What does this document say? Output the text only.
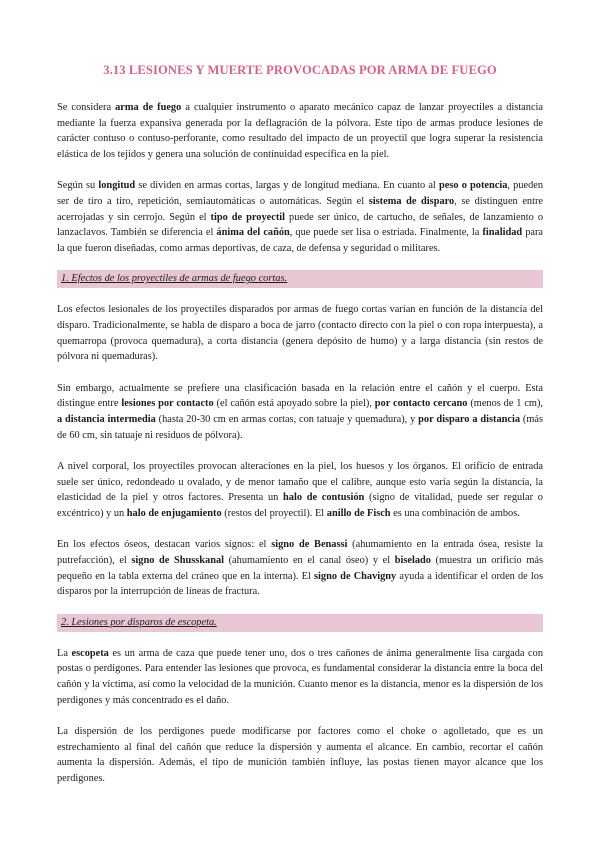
3.13 LESIONES Y MUERTE PROVOCADAS POR ARMA DE FUEGO

Se considera arma de fuego a cualquier instrumento o aparato mecánico capaz de lanzar proyectiles a distancia mediante la fuerza expansiva generada por la deflagración de la pólvora. Este tipo de armas produce lesiones de carácter contuso o contuso-perforante, como resultado del impacto de un proyectil que logra superar la resistencia elástica de los tejidos y genera una solución de continuidad específica en la piel.

Según su longitud se dividen en armas cortas, largas y de longitud mediana. En cuanto al peso o potencia, pueden ser de tiro a tiro, repetición, semiautomáticas o automáticas. Según el sistema de disparo, se distinguen entre acerrojadas y sin cerrojo. Según el tipo de proyectil puede ser único, de cartucho, de señales, de lanzamiento o lanzaclavos. También se diferencia el ánima del cañón, que puede ser lisa o estriada. Finalmente, la finalidad para la que fueron diseñadas, como armas deportivas, de caza, de defensa y seguridad o militares.

1. Efectos de los proyectiles de armas de fuego cortas.

Los efectos lesionales de los proyectiles disparados por armas de fuego cortas varían en función de la distancia del disparo. Tradicionalmente, se habla de disparo a boca de jarro (contacto directo con la piel o con ropa interpuesta), a quemarropa (provoca quemadura), a corta distancia (genera depósito de humo) y a larga distancia (sin restos de pólvora ni quemaduras).

Sin embargo, actualmente se prefiere una clasificación basada en la relación entre el cañón y el cuerpo. Esta distingue entre lesiones por contacto (el cañón está apoyado sobre la piel), por contacto cercano (menos de 1 cm), a distancia intermedia (hasta 20-30 cm en armas cortas, con tatuaje y quemadura), y por disparo a distancia (más de 60 cm, sin tatuaje ni residuos de pólvora).

A nivel corporal, los proyectiles provocan alteraciones en la piel, los huesos y los órganos. El orificio de entrada suele ser único, redondeado u ovalado, y de menor tamaño que el calibre, aunque esto varía según la distancia, la elasticidad de la piel y otros factores. Presenta un halo de contusión (signo de vitalidad, puede ser regular o excéntrico) y un halo de enjugamiento (restos del proyectil). El anillo de Fisch es una combinación de ambos.

En los efectos óseos, destacan varios signos: el signo de Benassi (ahumamiento en la entrada ósea, resiste la putrefacción), el signo de Shusskanal (ahumamiento en el canal óseo) y el biselado (muestra un orificio más pequeño en la tabla externa del cráneo que en la interna). El signo de Chavigny ayuda a identificar el orden de los disparos por la interrupción de líneas de fractura.

2. Lesiones por disparos de escopeta.

La escopeta es un arma de caza que puede tener uno, dos o tres cañones de ánima generalmente lisa cargada con postas o perdigones. Para entender las lesiones que provoca, es fundamental considerar la distancia entre la boca del cañón y la víctima, así como la velocidad de la munición. Cuanto menor es la distancia, menor es la dispersión de los perdigones y más concentrado es el daño.

La dispersión de los perdigones puede modificarse por factores como el choke o agolletado, que es un estrechamiento al final del cañón que reduce la dispersión y aumenta el alcance. En cambio, recortar el cañón aumenta la dispersión. Además, el tipo de munición también influye, las postas tienen mayor alcance que los perdigones.
